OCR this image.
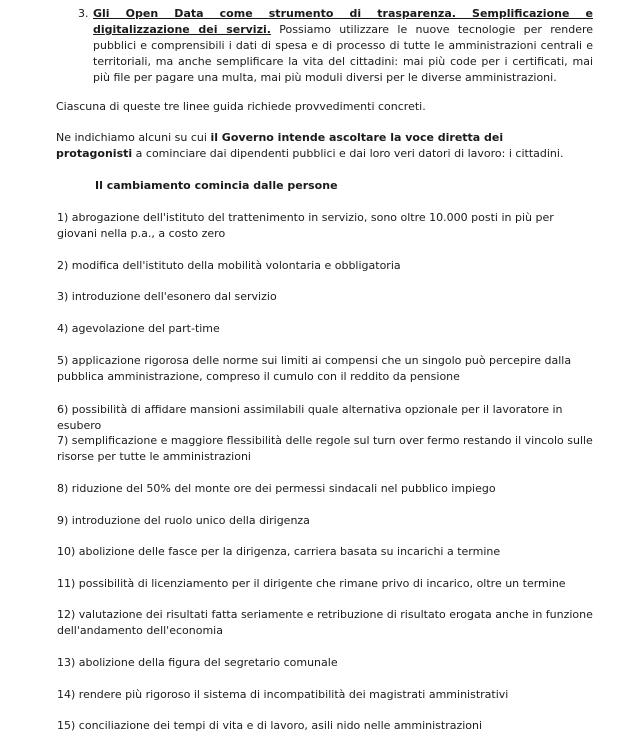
3. Gli Open Data come strumento di trasparenza. Semplificazione e digitalizzazione dei servizi. Possiamo utilizzare le nuove tecnologie per rendere pubblici e comprensibili i dati di spesa e di processo di tutte le amministrazioni centrali e territoriali, ma anche semplificare la vita del cittadini: mai più code per i certificati, mai più file per pagare una multa, mai più moduli diversi per le diverse amministrazioni.

Ciascuna di queste tre linee guida richiede provvedimenti concreti.

Ne indichiamo alcuni su cui il Governo intende ascoltare la voce diretta dei protagonisti a cominciare dai dipendenti pubblici e dai loro veri datori di lavoro: i cittadini.

Il cambiamento comincia dalle persone

1) abrogazione dell'istituto del trattenimento in servizio, sono oltre 10.000 posti in più per giovani nella p.a., a costo zero

2) modifica dell'istituto della mobilità volontaria e obbligatoria

3) introduzione dell'esonero dal servizio

4) agevolazione del part-time

5) applicazione rigorosa delle norme sui limiti ai compensi che un singolo può percepire dalla pubblica amministrazione, compreso il cumulo con il reddito da pensione

6) possibilità di affidare mansioni assimilabili quale alternativa opzionale per il lavoratore in esubero

7) semplificazione e maggiore flessibilità delle regole sul turn over fermo restando il vincolo sulle risorse per tutte le amministrazioni

8) riduzione del 50% del monte ore dei permessi sindacali nel pubblico impiego

9) introduzione del ruolo unico della dirigenza

10) abolizione delle fasce per la dirigenza, carriera basata su incarichi a termine

11) possibilità di licenziamento per il dirigente che rimane privo di incarico, oltre un termine

12) valutazione dei risultati fatta seriamente e retribuzione di risultato erogata anche in funzione dell'andamento dell'economia

13) abolizione della figura del segretario comunale

14) rendere più rigoroso il sistema di incompatibilità dei magistrati amministrativi

15) conciliazione dei tempi di vita e di lavoro, asili nido nelle amministrazioni
